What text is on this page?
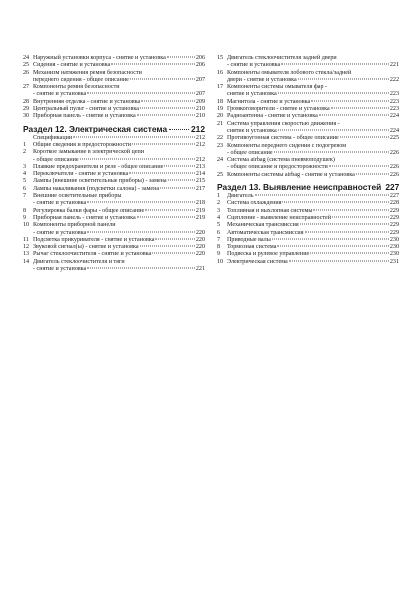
24 Наружный установки корпуса - снятие и установка	206
25 Сидения - снятие и установка	206
26 Механизм натяжения ремня безопасности
переднего сидения - общее описание	207
27 Компоненты ремня безопасности
- снятие и установка	207
28 Внутренняя отделка - снятие и установка	209
29 Центральный пульт - снятие и установка	210
30 Приборная панель - снятие и установка	210
Раздел 12. Электрическая система	212
Спецификации	212
1	Общие сведения и предосторожности	212
2	Короткое замыкание в электрической цепи
- общее описание	212
3	Плавкие предохранители и реле - общее описание	213
4	Переключатели - снятие и установка	214
5	Лампы (внешние осветительные приборы) - замена	215
6	Лампы накаливания (подсветки салона) - замена	217
7	Внешние осветительные приборы
- снятие и установка	218
8	Регулировка балки фары - общее описание	219
9	Приборная панель - снятие и установка	219
10 Компоненты приборной панели
- снятие и установка	220
11 Подсветка прикуривателя - снятие и установка	220
12 Звуковой сигнал(ы) - снятие и установка	220
13 Рычаг стеклоочистителя - снятие и установка	220
14 Двигатель стеклоочистителя и тяги
- снятие и установка	221
15 Двигатель стеклоочистителя задней двери
- снятие и установка	221
16 Компоненты омывателя лобового стекла/задней
двери - снятие и установка	222
17 Компоненты системы омывателя фар -
снятие и установка	223
18 Магнитола - снятие и установка	223
19 Громкоговорители - снятие и установка	223
20 Радиоантенна - снятие и установка	224
21 Система управления скоростью движения -
снятие и установка	224
22 Противоугонная система - общее описание	225
23 Компоненты переднего сидения с подогревом
- общее описание	226
24 Система airbag (система пневмоподушек)
- общее описание и предосторожности	226
25 Компоненты системы airbag - снятие и установка	226
Раздел 13. Выявление неисправностей 227
1	Двигатель	227
2	Система охлаждения	228
3	Топливная и выхлопная системы	229
4	Сцепление - выявление неисправностей	229
5	Механическая трансмиссия	229
6	Автоматическая трансмиссия	229
7	Приводные валы	230
8	Тормозная система	230
9	Подвеска и рулевое управление	230
10 Электрическая система	231
